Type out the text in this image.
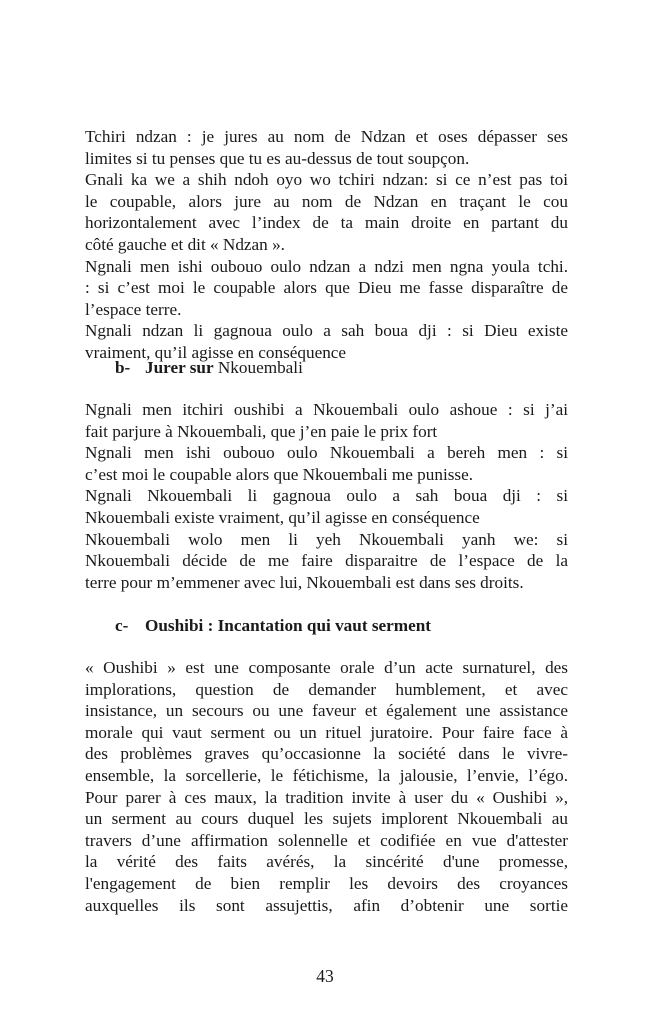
Tchiri ndzan : je jures au nom de Ndzan et oses dépasser ses

limites si tu penses que tu es au-dessus de tout soupçon.

Gnali ka we a shih ndoh oyo wo tchiri ndzan: si ce n’est pas toi

le coupable, alors jure au nom de Ndzan en traçant le cou

horizontalement avec l’index de ta main droite en partant du

côté gauche et dit « Ndzan ».

Ngnali men ishi oubouo oulo ndzan a ndzi men ngna youla tchi.

: si c’est moi le coupable alors que Dieu me fasse disparaître de

l’espace terre.

Ngnali ndzan li gagnoua oulo a sah boua dji : si Dieu existe

vraiment, qu’il agisse en conséquence

b- Jurer sur Nkouembali

Ngnali men itchiri oushibi a Nkouembali oulo ashoue : si j’ai

fait parjure à Nkouembali, que j’en paie le prix fort

Ngnali men ishi oubouo oulo Nkouembali a bereh men : si

c’est moi le coupable alors que Nkouembali me punisse.

Ngnali Nkouembali li gagnoua oulo a sah boua dji : si

Nkouembali existe vraiment, qu’il agisse en conséquence

Nkouembali wolo men li yeh Nkouembali yanh we: si

Nkouembali décide de me faire disparaitre de l’espace de la

terre pour m’emmener avec lui, Nkouembali est dans ses droits.

c- Oushibi : Incantation qui vaut serment

« Oushibi » est une composante orale d’un acte surnaturel, des

implorations, question de demander humblement, et avec

insistance, un secours ou une faveur et également une assistance

morale qui vaut serment ou un rituel juratoire. Pour faire face à

des problèmes graves qu’occasionne la société dans le vivre-

ensemble, la sorcellerie, le fétichisme, la jalousie, l’envie, l’égo.

Pour parer à ces maux, la tradition invite à user du « Oushibi »,

un serment au cours duquel les sujets implorent Nkouembali au

travers d’une affirmation solennelle et codifiée en vue d'attester

la vérité des faits avérés, la sincérité d'une promesse,

l'engagement de bien remplir les devoirs des croyances

auxquelles ils sont assujettis, afin d’obtenir une sortie

43
